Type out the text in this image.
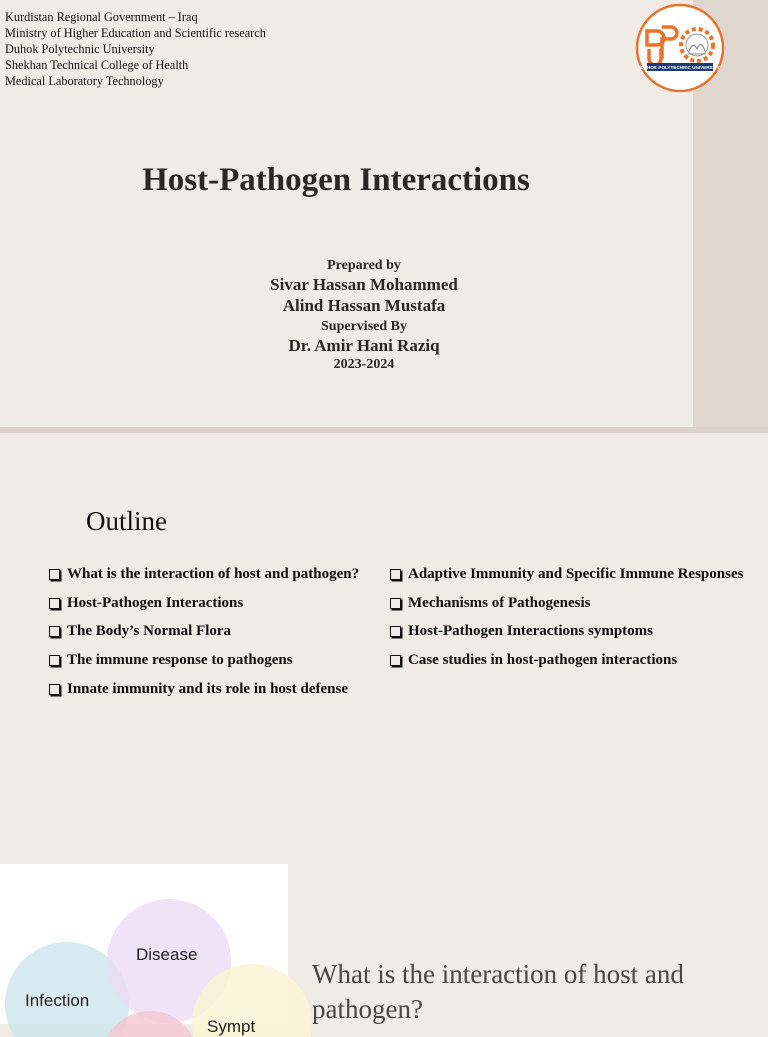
Kurdistan Regional Government – Iraq
Ministry of Higher Education and Scientific research
Duhok Polytechnic University
Shekhan Technical College of Health
Medical Laboratory Technology
DUHOK POLYTECHNIC UNIVERSITY
Host-Pathogen Interactions
Prepared by
Sivar Hassan Mohammed
Alind Hassan Mustafa
Supervised By
Dr. Amir Hani Raziq
2023-2024
Outline
What is the interaction of host and pathogen?
Host-Pathogen Interactions
The Body’s Normal Flora
The immune response to pathogens
Innate immunity and its role in host defense
Adaptive Immunity and Specific Immune Responses
Mechanisms of Pathogenesis
Host-Pathogen Interactions symptoms
Case studies in host-pathogen interactions
Disease
Infection
Sympt
What is the interaction of host and pathogen?
